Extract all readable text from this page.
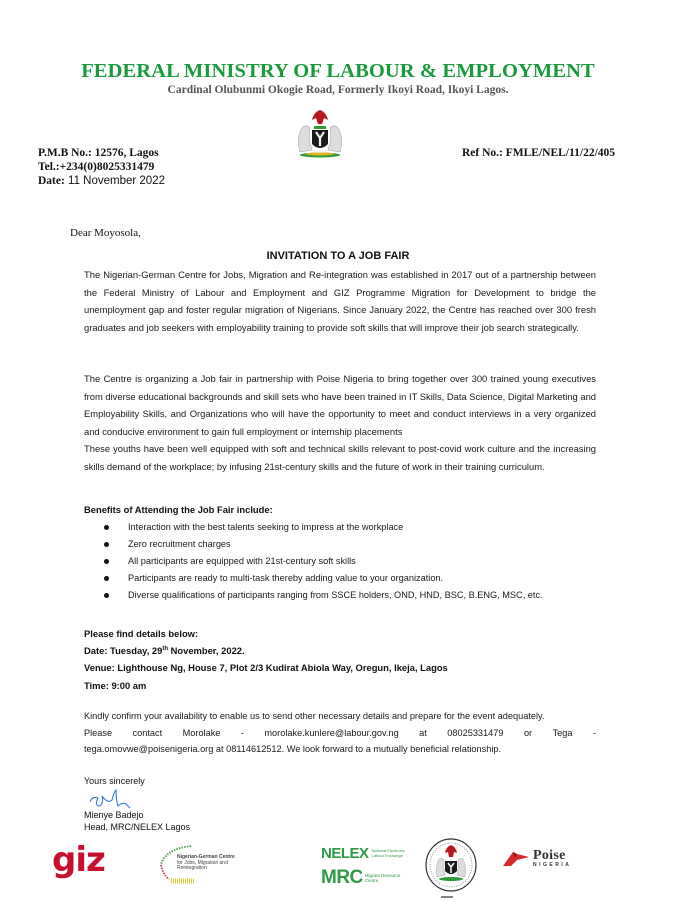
FEDERAL MINISTRY OF LABOUR & EMPLOYMENT
Cardinal Olubunmi Okogie Road, Formerly Ikoyi Road, Ikoyi Lagos.
P.M.B No.: 12576, Lagos
Tel.:+234(0)8025331479
Date: 11 November 2022
Ref No.: FMLE/NEL/11/22/405
Dear Moyosola,
INVITATION TO A JOB FAIR
The Nigerian-German Centre for Jobs, Migration and Re-integration was established in 2017 out of a partnership between the Federal Ministry of Labour and Employment and GIZ Programme Migration for Development to bridge the unemployment gap and foster regular migration of Nigerians. Since January 2022, the Centre has reached over 300 fresh graduates and job seekers with employability training to provide soft skills that will improve their job search strategically.
The Centre is organizing a Job fair in partnership with Poise Nigeria to bring together over 300 trained young executives from diverse educational backgrounds and skill sets who have been trained in IT Skills, Data Science, Digital Marketing and Employability Skills, and Organizations who will have the opportunity to meet and conduct interviews in a very organized and conducive environment to gain full employment or internship placements
These youths have been well equipped with soft and technical skills relevant to post-covid work culture and the increasing skills demand of the workplace; by infusing 21st-century skills and the future of work in their training curriculum.
Benefits of Attending the Job Fair include:
Interaction with the best talents seeking to impress at the workplace
Zero recruitment charges
All participants are equipped with 21st-century soft skills
Participants are ready to multi-task thereby adding value to your organization.
Diverse qualifications of participants ranging from SSCE holders, OND, HND, BSC, B.ENG, MSC, etc.
Please find details below:
Date: Tuesday, 29th November, 2022.
Venue: Lighthouse Ng, House 7, Plot 2/3 Kudirat Abiola Way, Oregun, Ikeja, Lagos
Time: 9:00 am
Kindly confirm your availability to enable us to send other necessary details and prepare for the event adequately.
Please contact Morolake - morolake.kunlere@labour.gov.ng at 08025331479 or Tega -
tega.omovwe@poisenigeria.org at 08114612512. We look forward to a mutually beneficial relationship.
Yours sincerely
Mienye Badejo
Head, MRC/NELEX Lagos
giz	Nigerian-German Centre
for Jobs, Migration and
Reintegration
NELEX National Electronic Labour Exchange
MRC Migrant Resource Centre
Poise
NIGERIA
